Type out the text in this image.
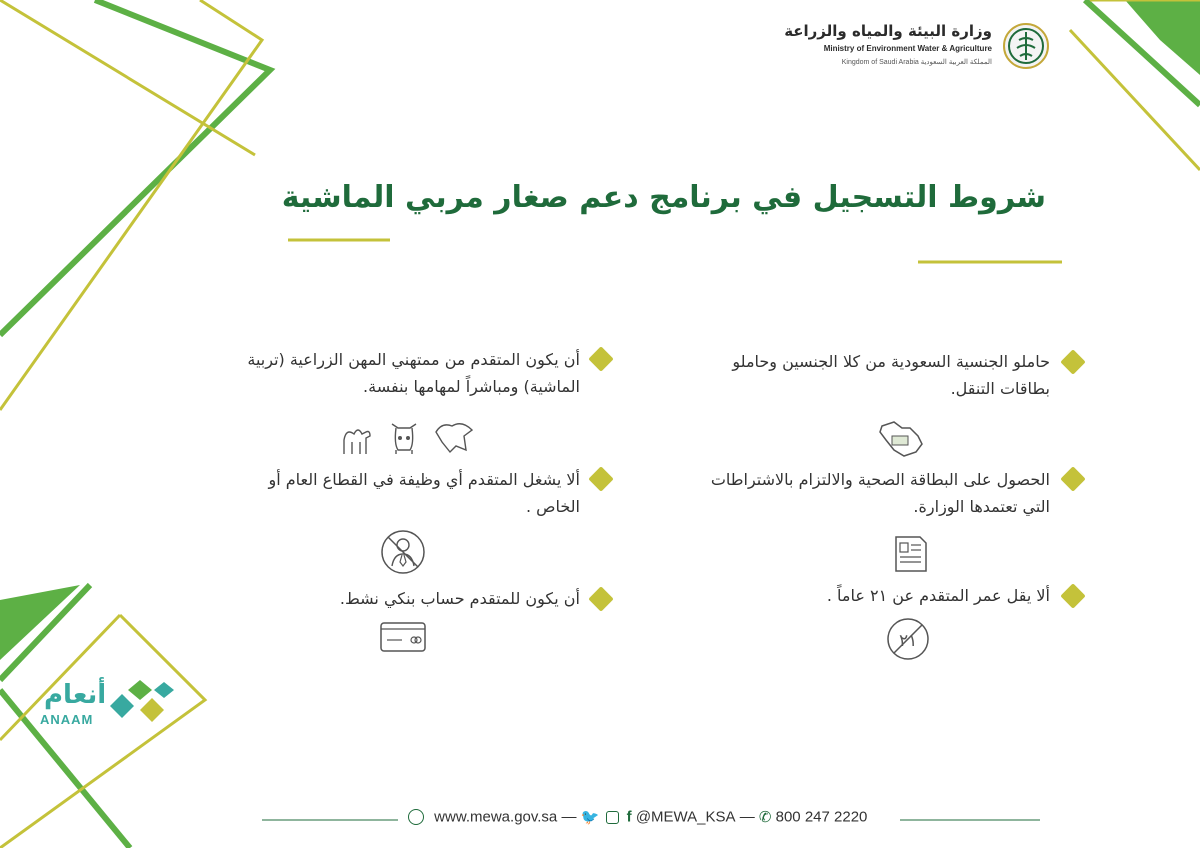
وزارة البيئة والمياه والزراعة
Ministry of Environment Water & Agriculture
Kingdom of Saudi Arabia المملكة العربية السعودية
شروط التسجيل في برنامج دعم صغار مربي الماشية
حاملو الجنسية السعودية من كلا الجنسين وحاملو بطاقات التنقل.
الحصول على البطاقة الصحية والالتزام بالاشتراطات التي تعتمدها الوزارة.
ألا يقل عمر المتقدم عن ٢١ عاماً .
٢١
أن يكون المتقدم من ممتهني المهن الزراعية (تربية الماشية) ومباشراً لمهامها بنفسة.
ألا يشغل المتقدم أي وظيفة في القطاع العام أو الخاص .
أن يكون للمتقدم حساب بنكي نشط.
أنعام
ANAAM
www.mewa.gov.sa — 🐦 f @MEWA_KSA — ✆ 800 247 2220
